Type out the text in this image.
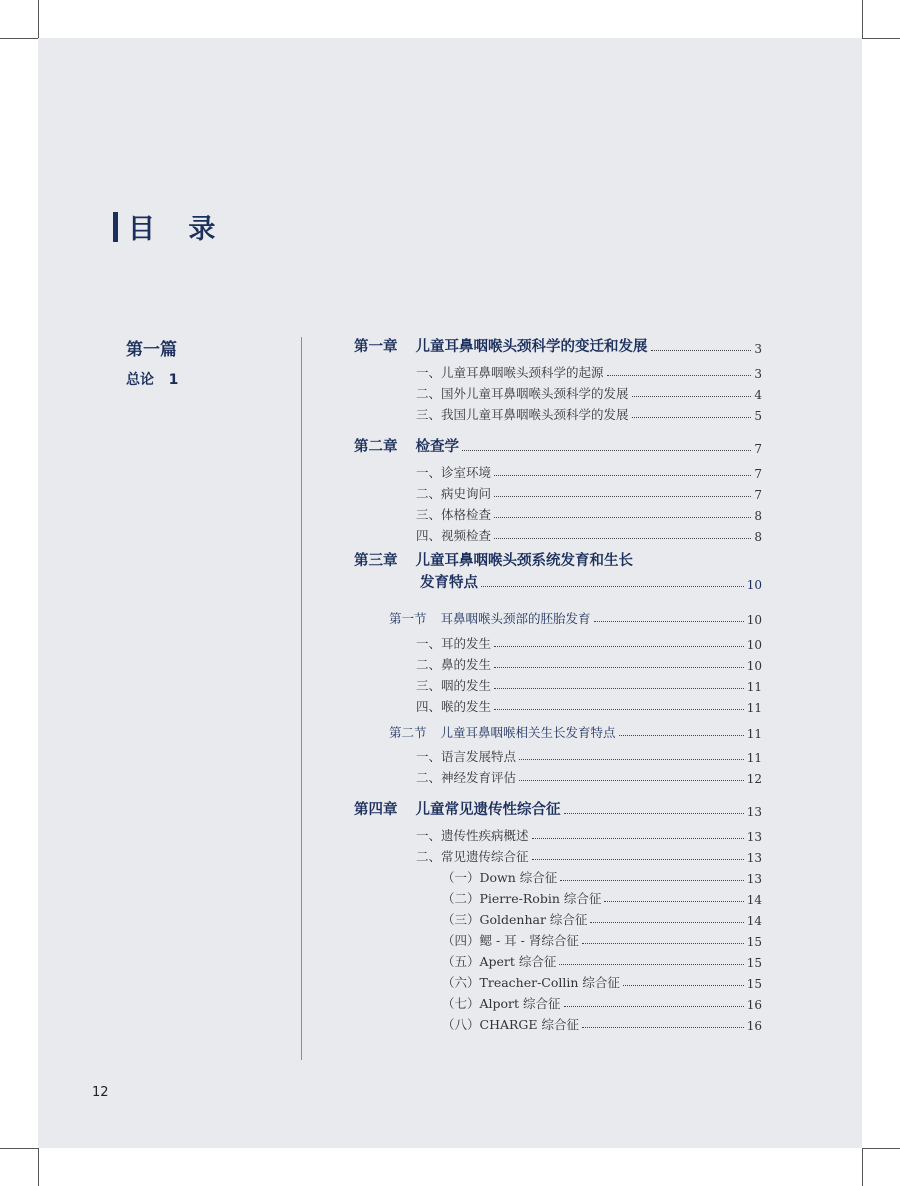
目 录
第一篇
总论 1
第一章 儿童耳鼻咽喉头颈科学的变迁和发展	3
一、儿童耳鼻咽喉头颈科学的起源	3
二、国外儿童耳鼻咽喉头颈科学的发展	4
三、我国儿童耳鼻咽喉头颈科学的发展	5
第二章 检查学	7
一、诊室环境	7
二、病史询问	7
三、体格检查	8
四、视频检查	8
第三章 儿童耳鼻咽喉头颈系统发育和生长
发育特点	10
第一节 耳鼻咽喉头颈部的胚胎发育	10
一、耳的发生	10
二、鼻的发生	10
三、咽的发生	11
四、喉的发生	11
第二节 儿童耳鼻咽喉相关生长发育特点	11
一、语言发展特点	11
二、神经发育评估	12
第四章 儿童常见遗传性综合征	13
一、遗传性疾病概述	13
二、常见遗传综合征	13
（一）Down 综合征	13
（二）Pierre-Robin 综合征	14
（三）Goldenhar 综合征	14
（四）鳃 - 耳 - 肾综合征	15
（五）Apert 综合征	15
（六）Treacher-Collin 综合征	15
（七）Alport 综合征	16
（八）CHARGE 综合征	16
12
